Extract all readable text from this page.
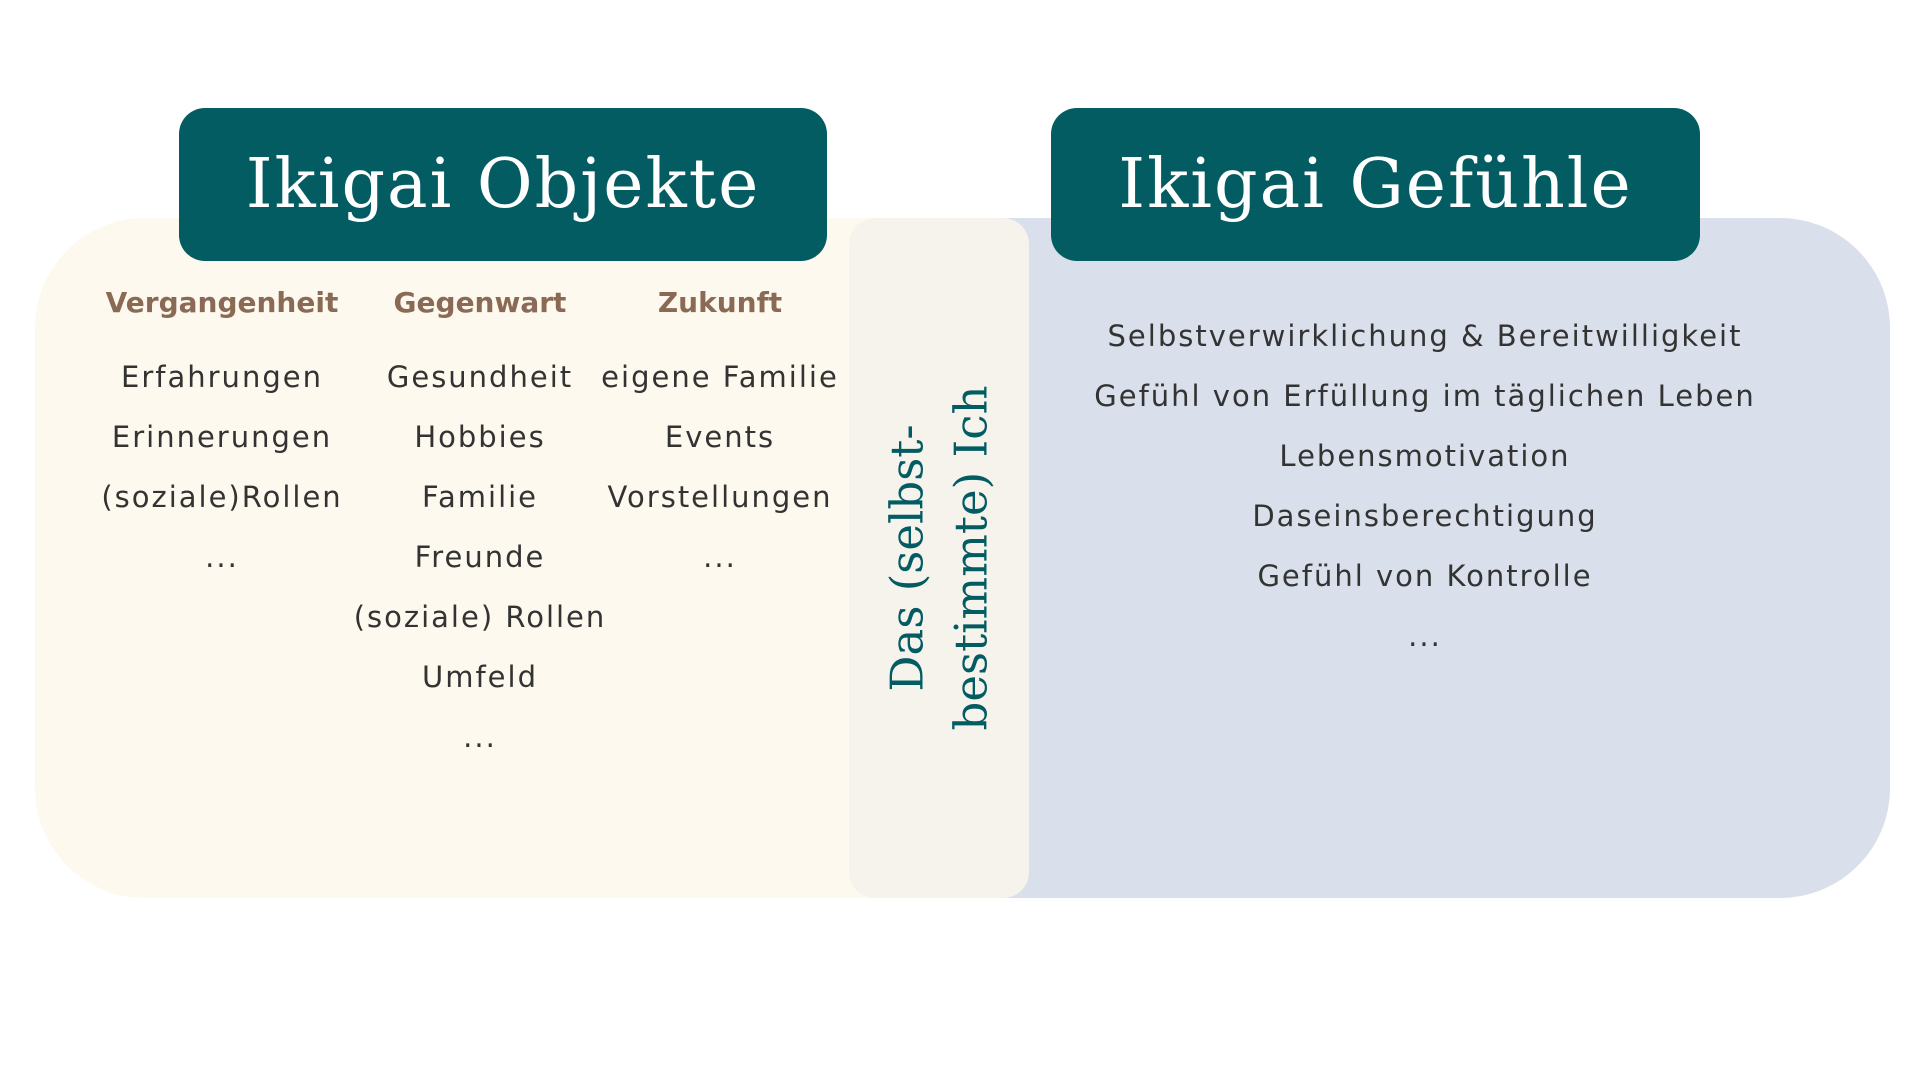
Das (selbst- bestimmte) Ich
Ikigai Objekte	Ikigai Gefühle
Vergangenheit
Erfahrungen
Erinnerungen
(soziale)Rollen
...
Gegenwart
Gesundheit
Hobbies
Familie
Freunde
(soziale) Rollen
Umfeld
...
Zukunft
eigene Familie
Events
Vorstellungen
...
Selbstverwirklichung & Bereitwilligkeit
Gefühl von Erfüllung im täglichen Leben
Lebensmotivation
Daseinsberechtigung
Gefühl von Kontrolle
...
